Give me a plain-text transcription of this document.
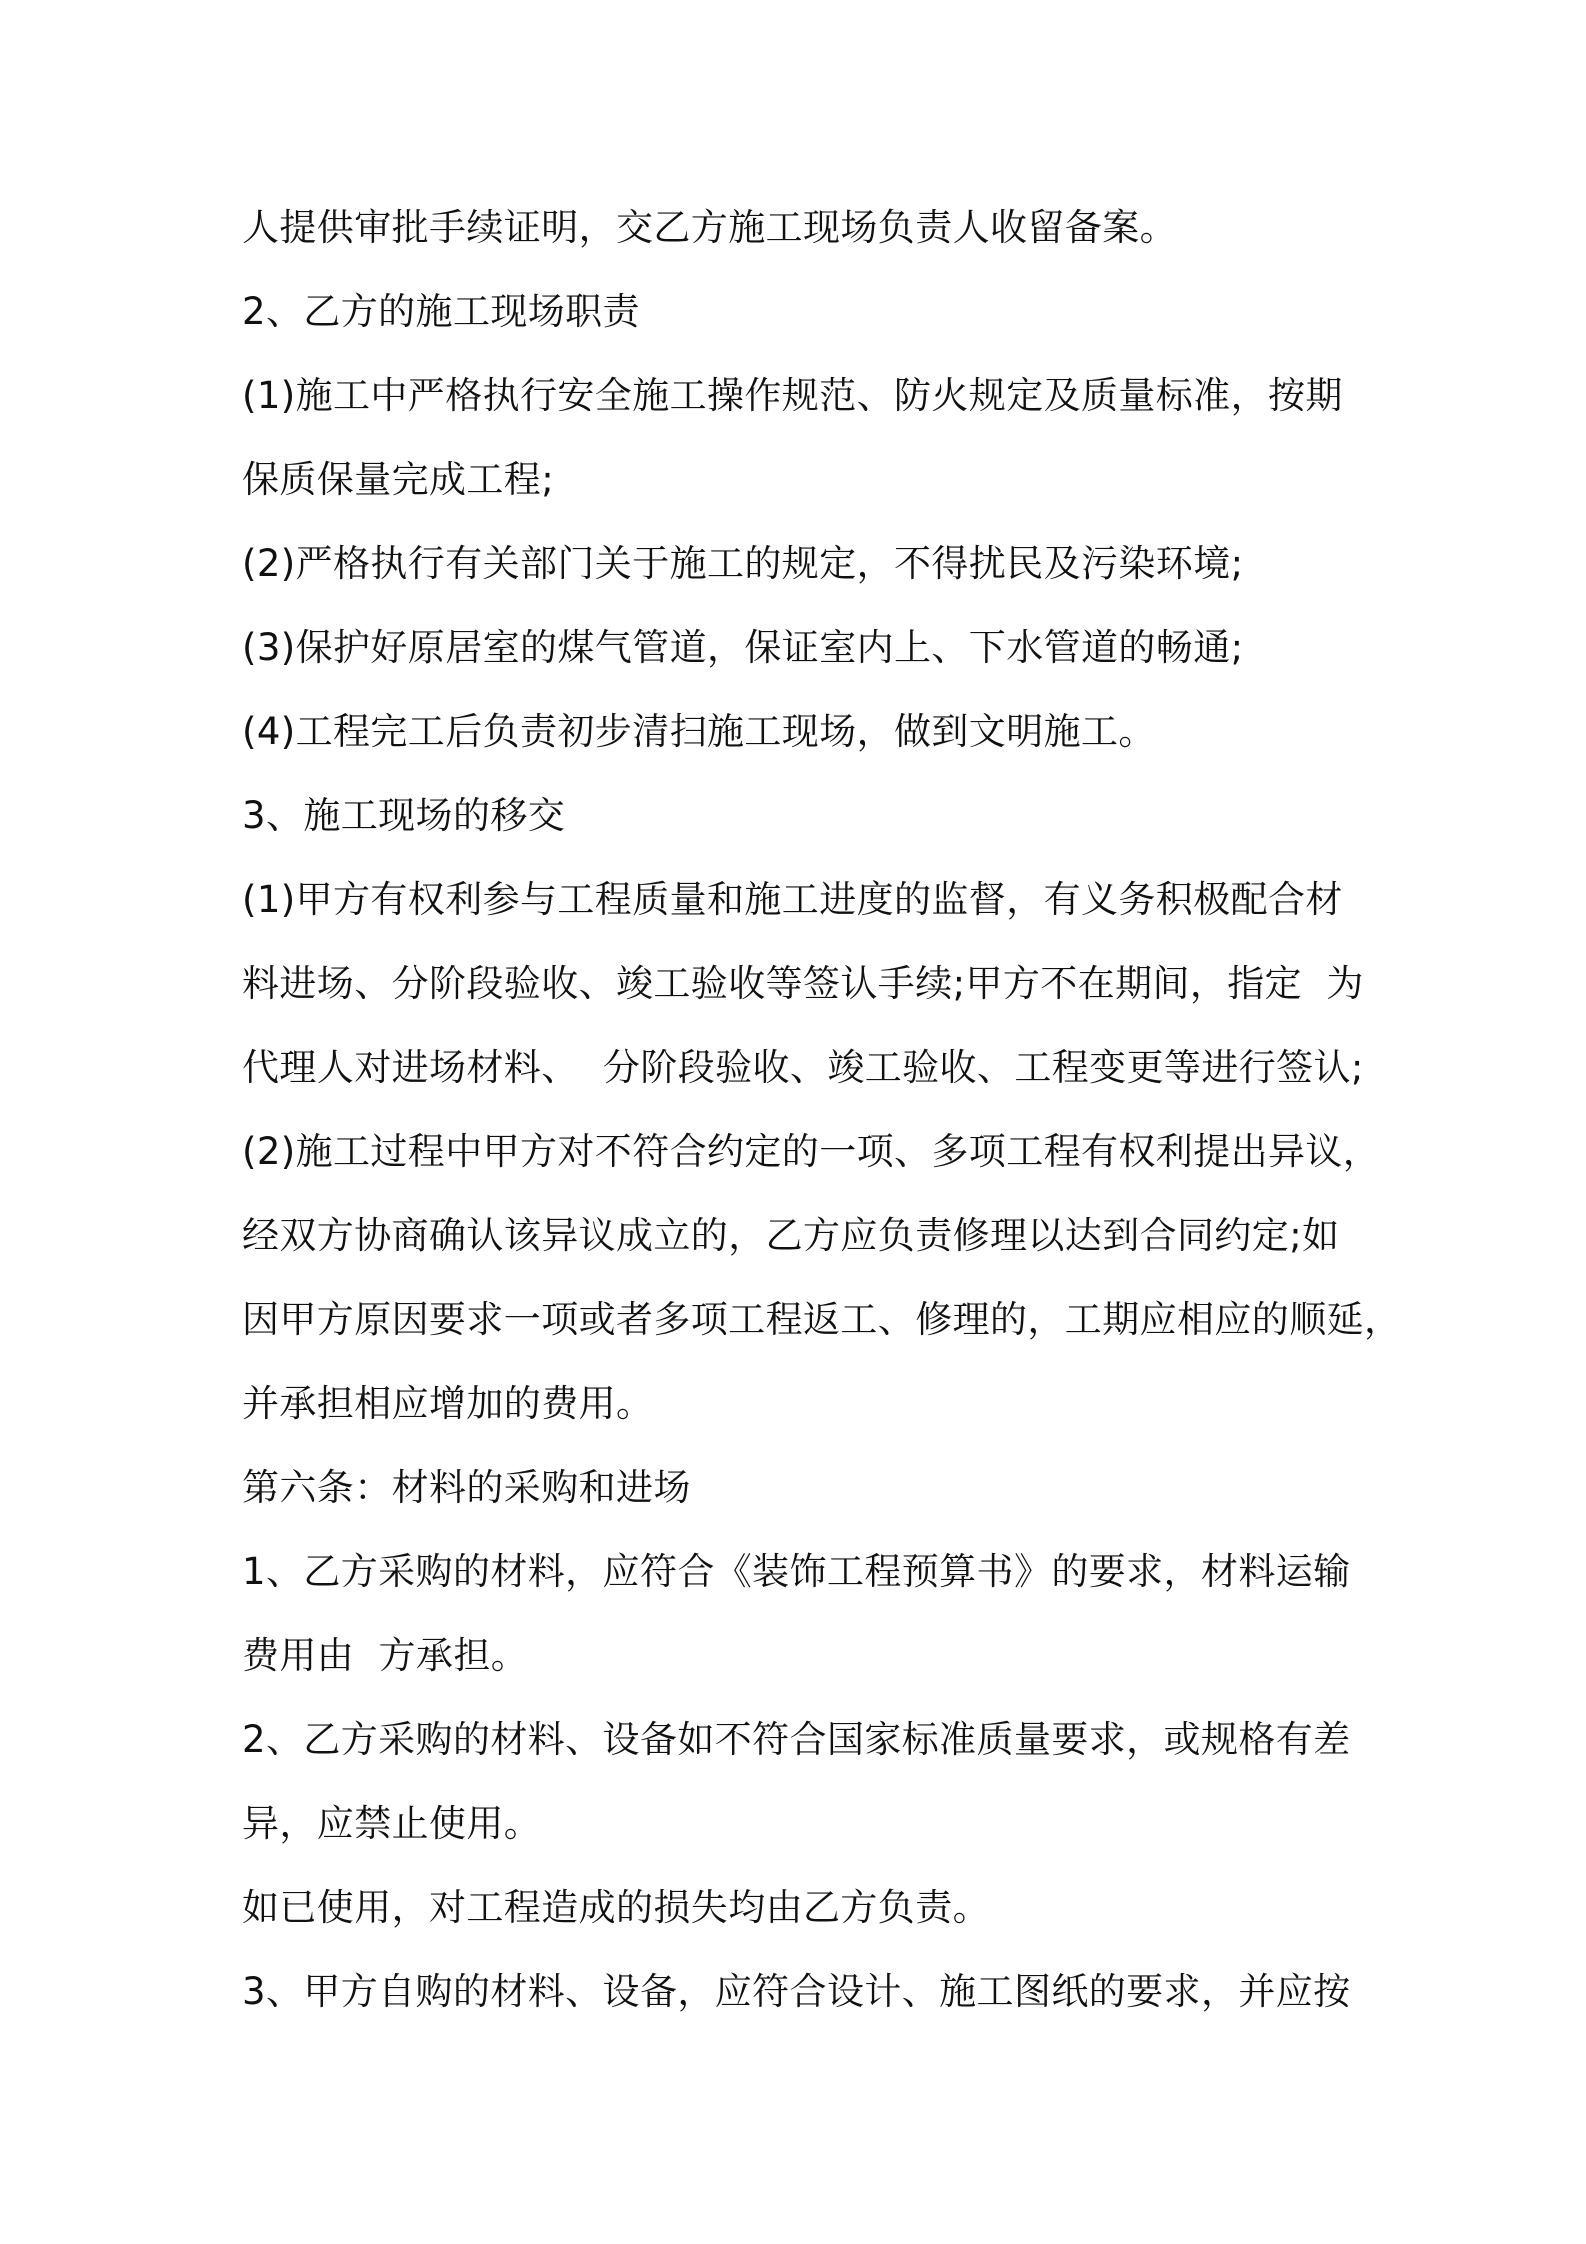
人提供审批手续证明，交乙方施工现场负责人收留备案。
2、乙方的施工现场职责
(1)施工中严格执行安全施工操作规范、防火规定及质量标准，按期
保质保量完成工程;
(2)严格执行有关部门关于施工的规定，不得扰民及污染环境;
(3)保护好原居室的煤气管道，保证室内上、下水管道的畅通;
(4)工程完工后负责初步清扫施工现场，做到文明施工。
3、施工现场的移交
(1)甲方有权利参与工程质量和施工进度的监督，有义务积极配合材
料进场、分阶段验收、竣工验收等签认手续;甲方不在期间，指定  为
代理人对进场材料、  分阶段验收、竣工验收、工程变更等进行签认;
(2)施工过程中甲方对不符合约定的一项、多项工程有权利提出异议，
经双方协商确认该异议成立的，乙方应负责修理以达到合同约定;如
因甲方原因要求一项或者多项工程返工、修理的，工期应相应的顺延，
并承担相应增加的费用。
第六条：材料的采购和进场
1、乙方采购的材料，应符合《装饰工程预算书》的要求，材料运输
费用由  方承担。
2、乙方采购的材料、设备如不符合国家标准质量要求，或规格有差
异，应禁止使用。
如已使用，对工程造成的损失均由乙方负责。
3、甲方自购的材料、设备，应符合设计、施工图纸的要求，并应按
